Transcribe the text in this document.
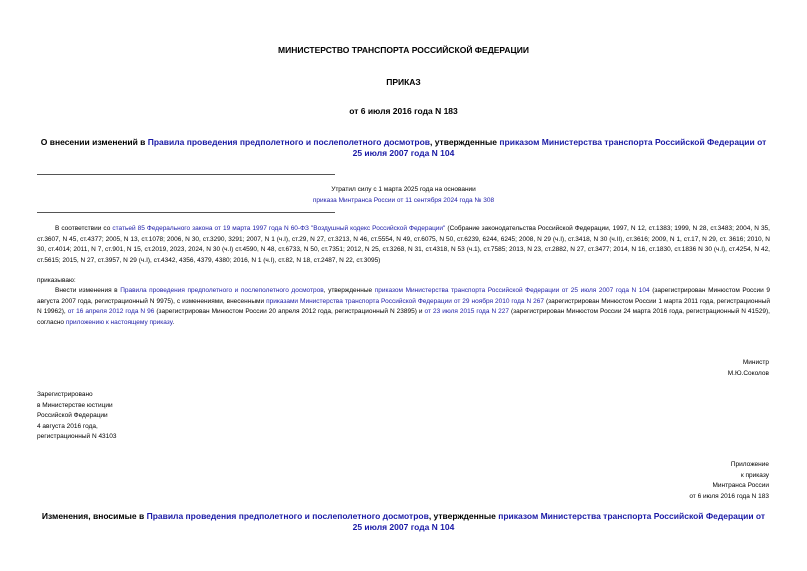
МИНИСТЕРСТВО ТРАНСПОРТА РОССИЙСКОЙ ФЕДЕРАЦИИ
ПРИКАЗ
от 6 июля 2016 года N 183
О внесении изменений в Правила проведения предполетного и послеполетного досмотров, утвержденные приказом Министерства транспорта Российской Федерации от 25 июля 2007 года N 104
Утратил силу с 1 марта 2025 года на основании
приказа Минтранса России от 11 сентября 2024 года № 308
В соответствии со статьей 85 Федерального закона от 19 марта 1997 года N 60-ФЗ "Воздушный кодекс Российской Федерации" (Собрание законодательства Российской Федерации, 1997, N 12, ст.1383; 1999, N 28, ст.3483; 2004, N 35, ст.3607, N 45, ст.4377; 2005, N 13, ст.1078; 2006, N 30, ст.3290, 3291; 2007, N 1 (ч.I), ст.29, N 27, ст.3213, N 46, ст.5554, N 49, ст.6075, N 50, ст.6239, 6244, 6245; 2008, N 29 (ч.I), ст.3418, N 30 (ч.II), ст.3616; 2009, N 1, ст.17, N 29, ст. 3616; 2010, N 30, ст.4014; 2011, N 7, ст.901, N 15, ст.2019, 2023, 2024, N 30 (ч.I) ст.4590, N 48, ст.6733, N 50, ст.7351; 2012, N 25, ст.3268, N 31, ст.4318, N 53 (ч.1), ст.7585; 2013, N 23, ст.2882, N 27, ст.3477; 2014, N 16, ст.1830, ст.1836 N 30 (ч.I), ст.4254, N 42, ст.5615; 2015, N 27, ст.3957, N 29 (ч.I), ст.4342, 4356, 4379, 4380; 2016, N 1 (ч.I), ст.82, N 18, ст.2487, N 22, ст.3095)
приказываю:
Внести изменения в Правила проведения предполетного и послеполетного досмотров, утвержденные приказом Министерства транспорта Российской Федерации от 25 июля 2007 года N 104 (зарегистрирован Минюстом России 9 августа 2007 года, регистрационный N 9975), с изменениями, внесенными приказами Министерства транспорта Российской Федерации от 29 ноября 2010 года N 267 (зарегистрирован Минюстом России 1 марта 2011 года, регистрационный N 19962), от 16 апреля 2012 года N 96 (зарегистрирован Минюстом России 20 апреля 2012 года, регистрационный N 23895) и от 23 июля 2015 года N 227 (зарегистрирован Минюстом России 24 марта 2016 года, регистрационный N 41529), согласно приложению к настоящему приказу.
Министр
М.Ю.Соколов
Зарегистрировано
в Министерстве юстиции
Российской Федерации
4 августа 2016 года,
регистрационный N 43103
Приложение
к приказу
Минтранса России
от 6 июля 2016 года N 183
Изменения, вносимые в Правила проведения предполетного и послеполетного досмотров, утвержденные приказом Министерства транспорта Российской Федерации от 25 июля 2007 года N 104
